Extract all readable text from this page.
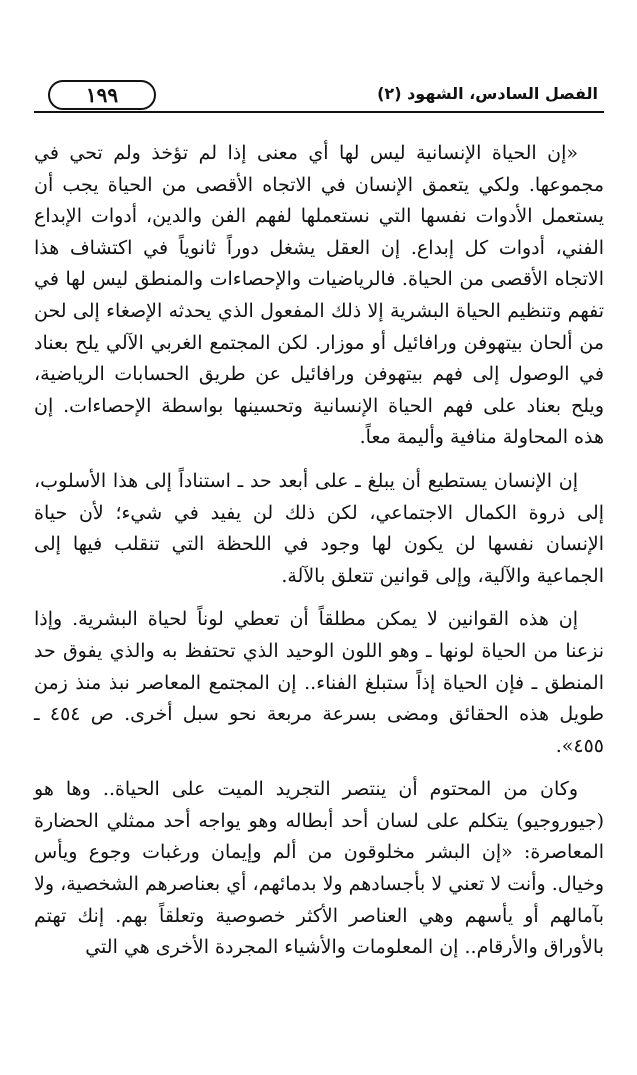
١٩٩	الفصل السادس، الشهود (٢)

«إن الحياة الإنسانية ليس لها أي معنى إذا لم تؤخذ ولم تحي في مجموعها. ولكي يتعمق الإنسان في الاتجاه الأقصى من الحياة يجب أن يستعمل الأدوات نفسها التي نستعملها لفهم الفن والدين، أدوات الإبداع الفني، أدوات كل إبداع. إن العقل يشغل دوراً ثانوياً في اكتشاف هذا الاتجاه الأقصى من الحياة. فالرياضيات والإحصاءات والمنطق ليس لها في تفهم وتنظيم الحياة البشرية إلا ذلك المفعول الذي يحدثه الإصغاء إلى لحن من ألحان بيتهوفن ورافائيل أو موزار. لكن المجتمع الغربي الآلي يلح بعناد في الوصول إلى فهم بيتهوفن ورافائيل عن طريق الحسابات الرياضية، ويلح بعناد على فهم الحياة الإنسانية وتحسينها بواسطة الإحصاءات. إن هذه المحاولة منافية وأليمة معاً.

إن الإنسان يستطيع أن يبلغ ـ على أبعد حد ـ استناداً إلى هذا الأسلوب، إلى ذروة الكمال الاجتماعي، لكن ذلك لن يفيد في شيء؛ لأن حياة الإنسان نفسها لن يكون لها وجود في اللحظة التي تنقلب فيها إلى الجماعية والآلية، وإلى قوانين تتعلق بالآلة.

إن هذه القوانين لا يمكن مطلقاً أن تعطي لوناً لحياة البشرية. وإذا نزعنا من الحياة لونها ـ وهو اللون الوحيد الذي تحتفظ به والذي يفوق حد المنطق ـ فإن الحياة إذاً ستبلغ الفناء.. إن المجتمع المعاصر نبذ منذ زمن طويل هذه الحقائق ومضى بسرعة مربعة نحو سبل أخرى. ص ٤٥٤ ـ ٤٥٥».

وكان من المحتوم أن ينتصر التجريد الميت على الحياة.. وها هو (جيوروجيو) يتكلم على لسان أحد أبطاله وهو يواجه أحد ممثلي الحضارة المعاصرة: «إن البشر مخلوقون من ألم وإيمان ورغبات وجوع ويأس وخيال. وأنت لا تعني لا بأجسادهم ولا بدمائهم، أي بعناصرهم الشخصية، ولا بآمالهم أو يأسهم وهي العناصر الأكثر خصوصية وتعلقاً بهم. إنك تهتم بالأوراق والأرقام.. إن المعلومات والأشياء المجردة الأخرى هي التي
